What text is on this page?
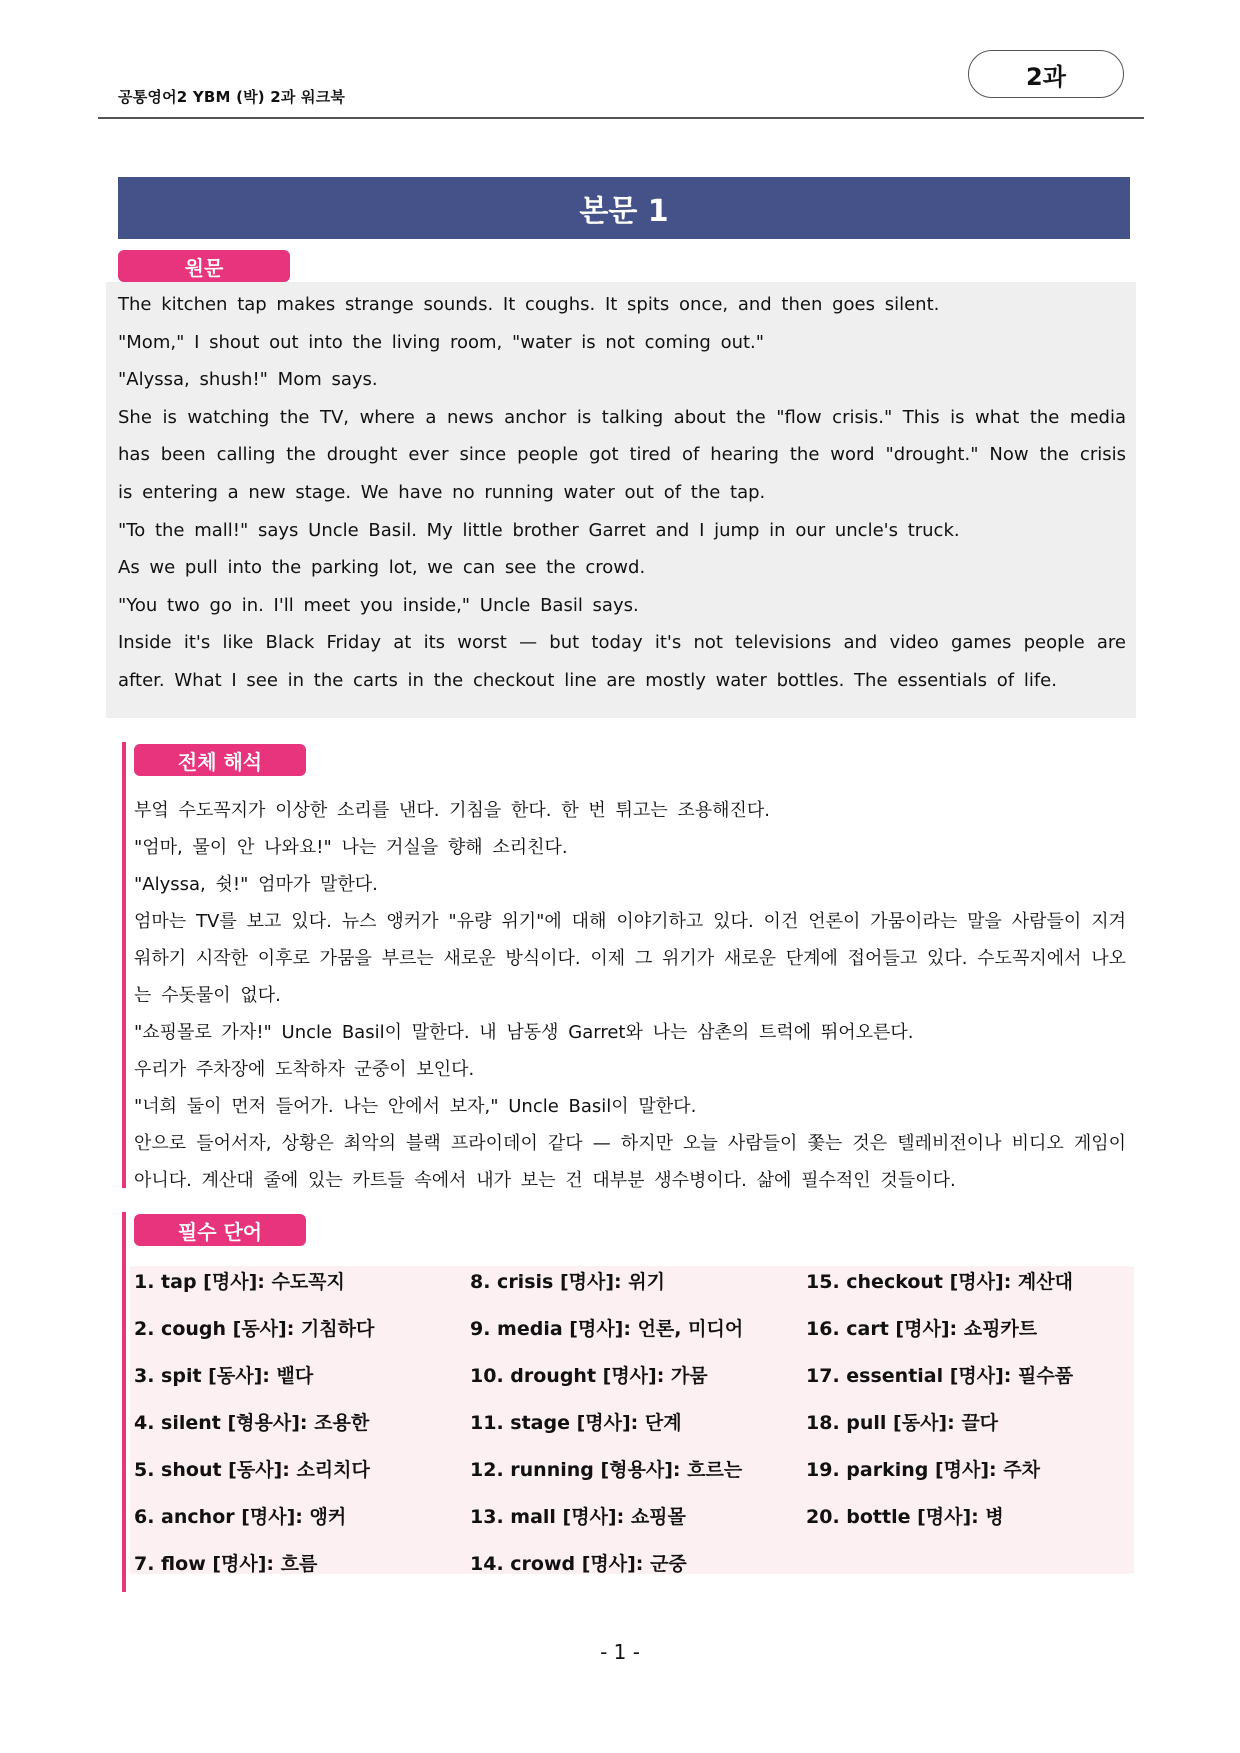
공통영어2 YBM (박) 2과 워크북
2과
본문 1
원문

The kitchen tap makes strange sounds. It coughs. It spits once, and then goes silent.

"Mom," I shout out into the living room, "water is not coming out."

"Alyssa, shush!" Mom says.

She is watching the TV, where a news anchor is talking about the "flow crisis." This is what the media has been calling the drought ever since people got tired of hearing the word "drought." Now the crisis is entering a new stage. We have no running water out of the tap.

"To the mall!" says Uncle Basil. My little brother Garret and I jump in our uncle's truck.

As we pull into the parking lot, we can see the crowd.

"You two go in. I'll meet you inside," Uncle Basil says.

Inside it's like Black Friday at its worst — but today it's not televisions and video games people are after. What I see in the carts in the checkout line are mostly water bottles. The essentials of life.

전체 해석

부엌 수도꼭지가 이상한 소리를 낸다. 기침을 한다. 한 번 튀고는 조용해진다.

"엄마, 물이 안 나와요!" 나는 거실을 향해 소리친다.

"Alyssa, 쉿!" 엄마가 말한다.

엄마는 TV를 보고 있다. 뉴스 앵커가 "유량 위기"에 대해 이야기하고 있다. 이건 언론이 가뭄이라는 말을 사람들이 지겨워하기 시작한 이후로 가뭄을 부르는 새로운 방식이다. 이제 그 위기가 새로운 단계에 접어들고 있다. 수도꼭지에서 나오는 수돗물이 없다.

"쇼핑몰로 가자!" Uncle Basil이 말한다. 내 남동생 Garret와 나는 삼촌의 트럭에 뛰어오른다.

우리가 주차장에 도착하자 군중이 보인다.

"너희 둘이 먼저 들어가. 나는 안에서 보자," Uncle Basil이 말한다.

안으로 들어서자, 상황은 최악의 블랙 프라이데이 같다 — 하지만 오늘 사람들이 쫓는 것은 텔레비전이나 비디오 게임이 아니다. 계산대 줄에 있는 카트들 속에서 내가 보는 건 대부분 생수병이다. 삶에 필수적인 것들이다.

필수 단어
1. tap [명사]: 수도꼭지
2. cough [동사]: 기침하다
3. spit [동사]: 뱉다
4. silent [형용사]: 조용한
5. shout [동사]: 소리치다
6. anchor [명사]: 앵커
7. flow [명사]: 흐름
8. crisis [명사]: 위기
9. media [명사]: 언론, 미디어
10. drought [명사]: 가뭄
11. stage [명사]: 단계
12. running [형용사]: 흐르는
13. mall [명사]: 쇼핑몰
14. crowd [명사]: 군중
15. checkout [명사]: 계산대
16. cart [명사]: 쇼핑카트
17. essential [명사]: 필수품
18. pull [동사]: 끌다
19. parking [명사]: 주차
20. bottle [명사]: 병
- 1 -
